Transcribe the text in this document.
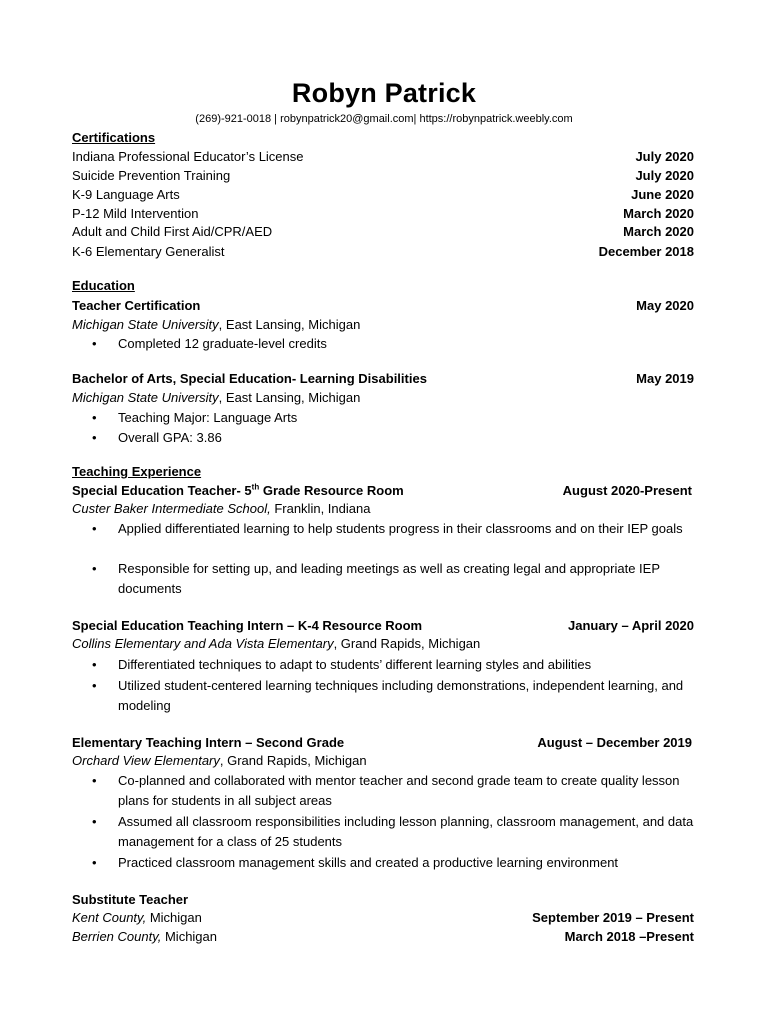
Robyn Patrick
(269)-921-0018 | robynpatrick20@gmail.com| https://robynpatrick.weebly.com
Certifications
Indiana Professional Educator’s License	July 2020
Suicide Prevention Training	July 2020
K-9 Language Arts	June 2020
P-12 Mild Intervention	March 2020
Adult and Child First Aid/CPR/AED	March 2020
K-6 Elementary Generalist	December 2018
Education
Teacher Certification	May 2020
Michigan State University, East Lansing, Michigan
• Completed 12 graduate-level credits
Bachelor of Arts, Special Education- Learning Disabilities	May 2019
Michigan State University, East Lansing, Michigan
• Teaching Major: Language Arts
• Overall GPA: 3.86
Teaching Experience
Special Education Teacher- 5th Grade Resource Room	August 2020-Present
Custer Baker Intermediate School, Franklin, Indiana
• Applied differentiated learning to help students progress in their classrooms and on their IEP goals
• Responsible for setting up, and leading meetings as well as creating legal and appropriate IEP documents
Special Education Teaching Intern – K-4 Resource Room	January – April 2020
Collins Elementary and Ada Vista Elementary, Grand Rapids, Michigan
• Differentiated techniques to adapt to students’ different learning styles and abilities
• Utilized student-centered learning techniques including demonstrations, independent learning, and modeling
Elementary Teaching Intern – Second Grade	August – December 2019
Orchard View Elementary, Grand Rapids, Michigan
• Co-planned and collaborated with mentor teacher and second grade team to create quality lesson plans for students in all subject areas
• Assumed all classroom responsibilities including lesson planning, classroom management, and data management for a class of 25 students
• Practiced classroom management skills and created a productive learning environment
Substitute Teacher
Kent County, Michigan	September 2019 – Present
Berrien County, Michigan	March 2018 –Present
